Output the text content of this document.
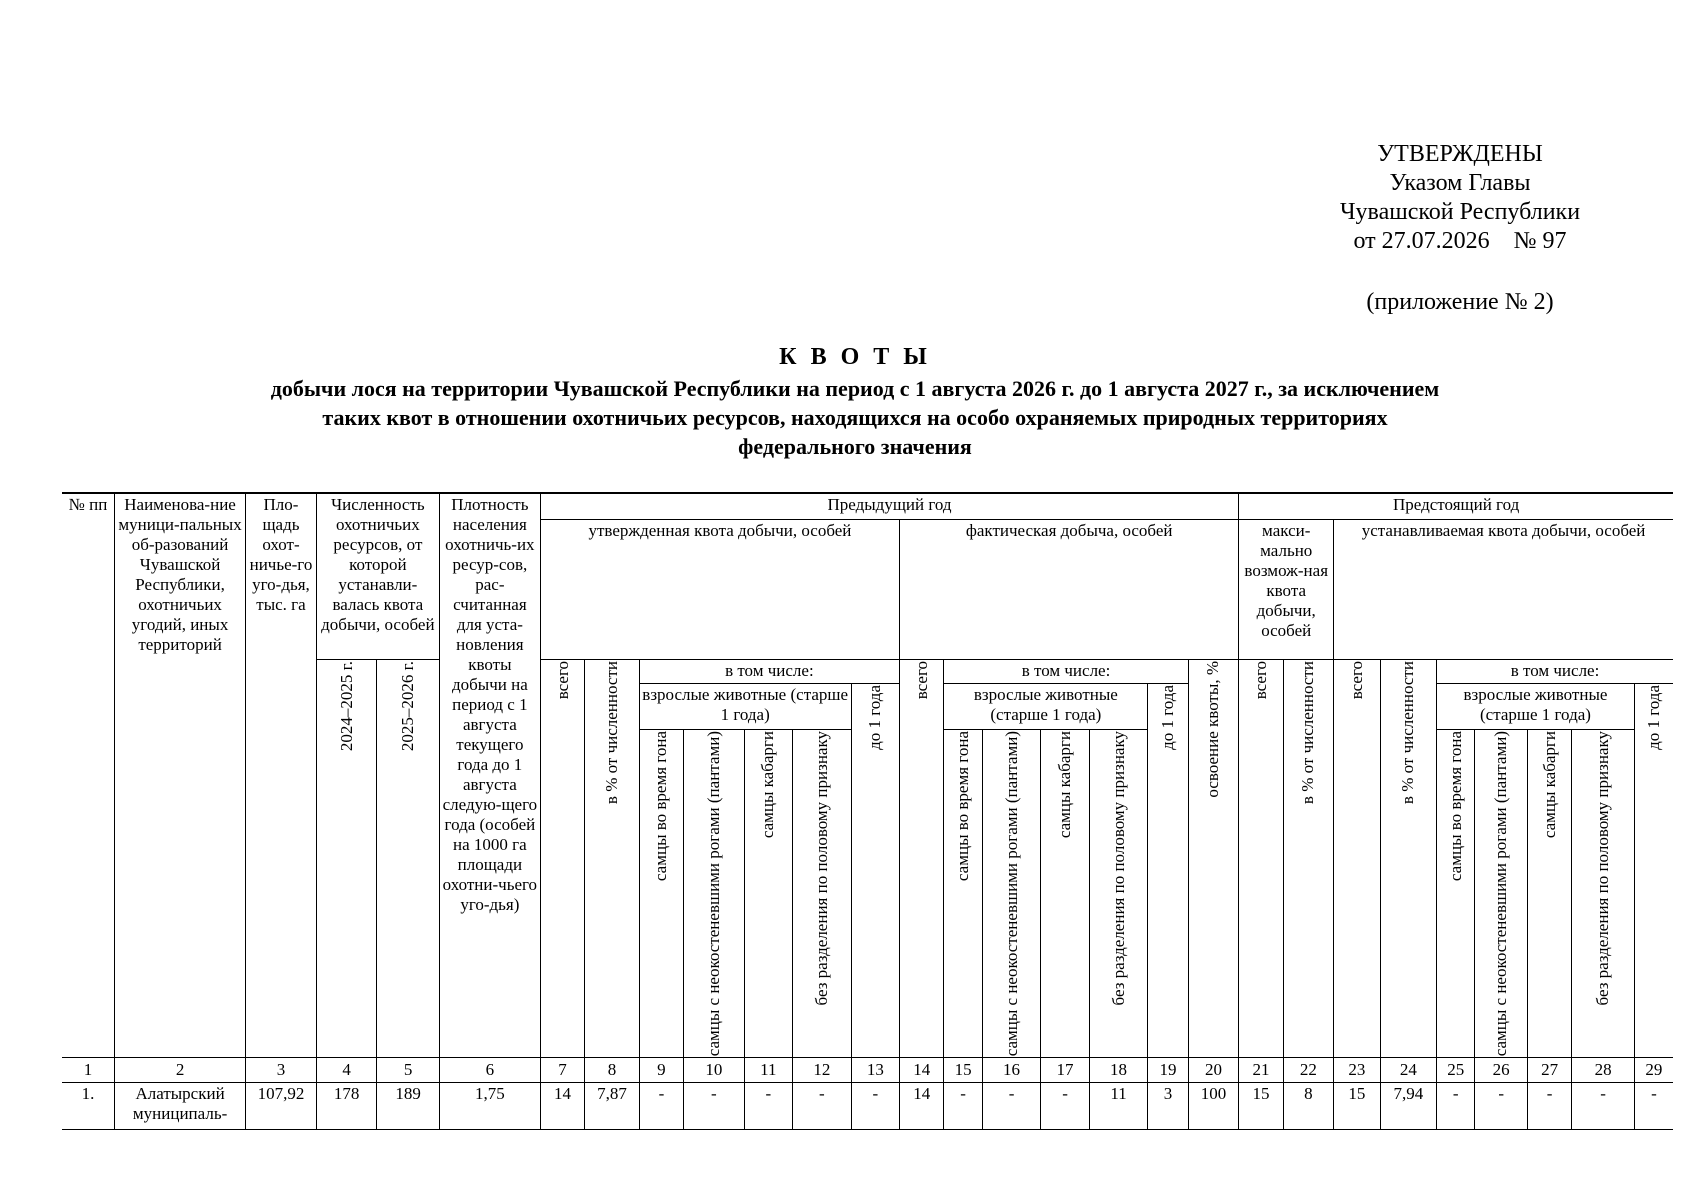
УТВЕРЖДЕНЫ
Указом Главы
Чувашской Республики
от 27.07.2026    № 97
(приложение № 2)
К В О Т Ы
добычи лося на территории Чувашской Республики на период с 1 августа 2026 г. до 1 августа 2027 г., за исключением
таких квот в отношении охотничьих ресурсов, находящихся на особо охраняемых природных территориях
федерального значения
№ пп	Наименова-ние муници-пальных об-разований Чувашской Республики, охотничьих угодий, иных территорий	Пло-щадь охот-ничье-го уго-дья, тыс. га	Численность охотничьих ресурсов, от которой устанавли-валась квота добычи, особей		Плотность населения охотничь-их ресур-сов, рас-считанная для уста-новления квоты добычи на период с 1 августа текущего года до 1 августа следую-щего года (особей на 1000 га площади охотни-чьего уго-дья)	Предыдущий год														Предстоящий год								
						утвержденная квота добычи, особей							фактическая добыча, особей							макси-мально возмож-ная квота добычи, особей		устанавливаемая квота добычи, особей						

			2024–2025 г.	2025–2026 г.		всего	в % от численности	в том числе:					всего	в том числе:					освоение квоты, %	всего	в % от численности	всего	в % от численности	в том числе:				
								взрослые животные (старше 1 года)				до 1 года		взрослые животные (старше 1 года)				до 1 года						взрослые животные (старше 1 года)				до 1 года

								самцы во время гона	самцы с неокостеневшими рогами (пантами)	самцы кабарги	без разделения по половому признаку			самцы во время гона	самцы с неокостеневшими рогами (пантами)	самцы кабарги	без разделения по половому признаку							самцы во время гона	самцы с неокостеневшими рогами (пантами)	самцы кабарги	без разделения по половому признаку	

1	2	3	4	5	6	7	8	9	10	11	12	13	14	15	16	17	18	19	20	21	22	23	24	25	26	27	28	29
1.	Алатырский муниципаль-	107,92	178	189	1,75	14	7,87	-	-	-	-	-	14	-	-	-	11	3	100	15	8	15	7,94	-	-	-	-	-
